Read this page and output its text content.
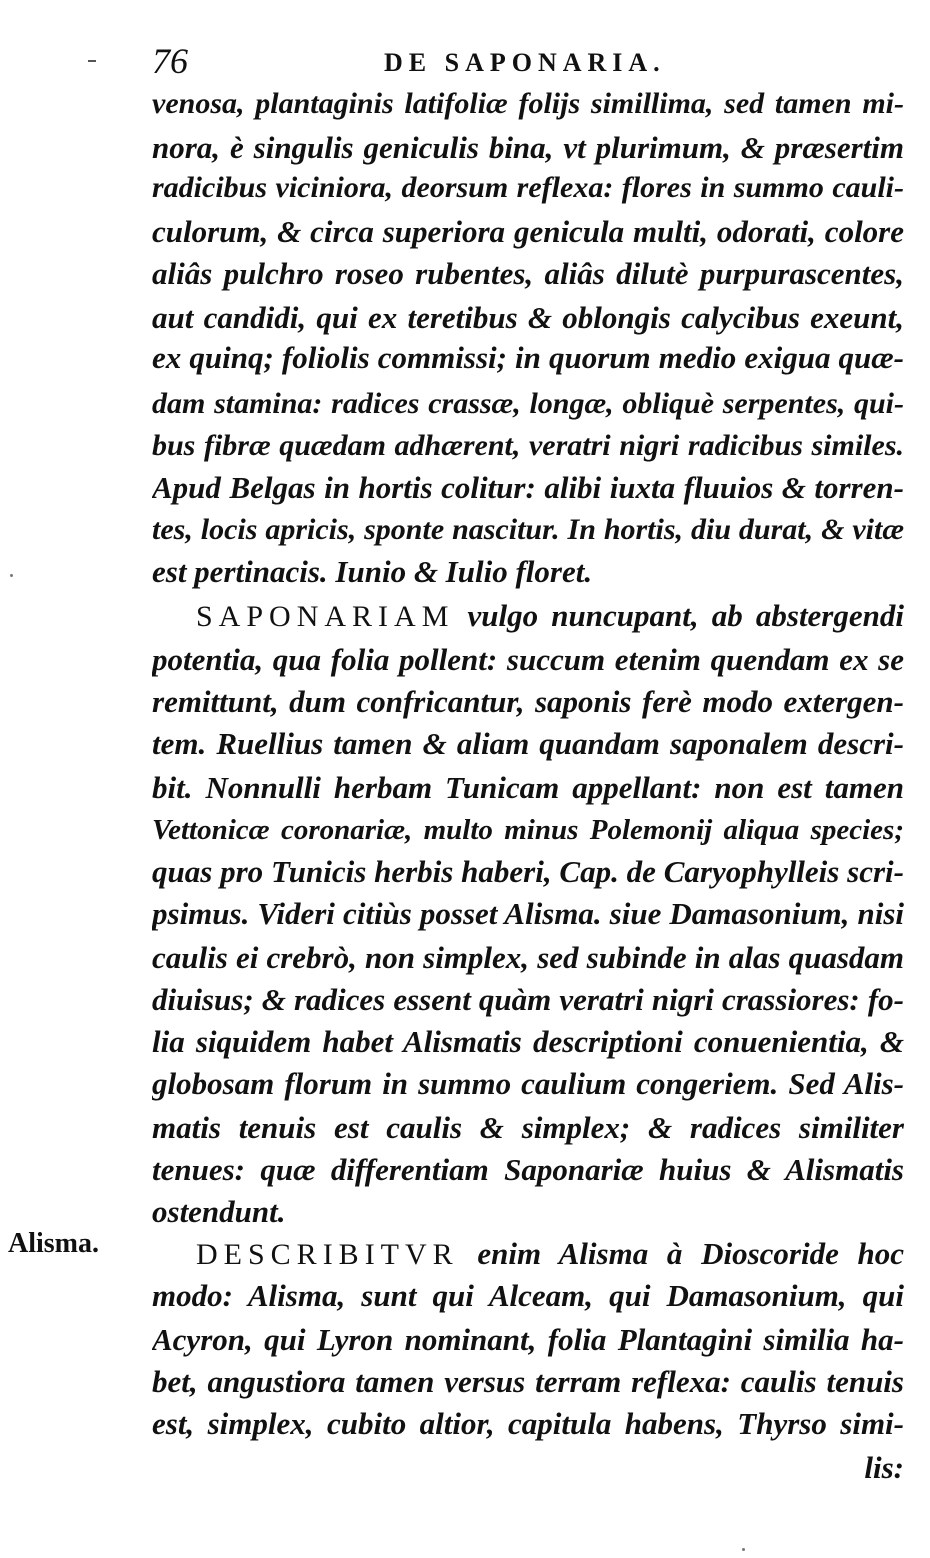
76	DE SAPONARIA.
Alisma.
venosa, plantaginis latifoliæ folijs simillima, sed tamen mi-
nora, è singulis geniculis bina, vt plurimum, & præsertim
radicibus viciniora, deorsum reflexa: flores in summo cauli-
culorum, & circa superiora genicula multi, odorati, colore
aliâs pulchro roseo rubentes, aliâs dilutè purpurascentes,
aut candidi, qui ex teretibus & oblongis calycibus exeunt,
ex quinq; foliolis commissi; in quorum medio exigua quæ-
dam stamina: radices crassæ, longæ, obliquè serpentes, qui-
bus fibræ quædam adhærent, veratri nigri radicibus similes.
Apud Belgas in hortis colitur: alibi iuxta fluuios & torren-
tes, locis apricis, sponte nascitur. In hortis, diu durat, & vitæ
est pertinacis. Iunio & Iulio floret.
SAPONARIAM vulgo nuncupant, ab abstergendi
potentia, qua folia pollent: succum etenim quendam ex se
remittunt, dum confricantur, saponis ferè modo extergen-
tem. Ruellius tamen & aliam quandam saponalem descri-
bit. Nonnulli herbam Tunicam appellant: non est tamen
Vettonicæ coronariæ, multo minus Polemonij aliqua species;
quas pro Tunicis herbis haberi, Cap. de Caryophylleis scri-
psimus. Videri citiùs posset Alisma. siue Damasonium, nisi
caulis ei crebrò, non simplex, sed subinde in alas quasdam
diuisus; & radices essent quàm veratri nigri crassiores: fo-
lia siquidem habet Alismatis descriptioni conuenientia, &
globosam florum in summo caulium congeriem. Sed Alis-
matis tenuis est caulis & simplex; & radices similiter
tenues: quæ differentiam Saponariæ huius & Alismatis
ostendunt.
DESCRIBITVR enim Alisma à Dioscoride hoc
modo: Alisma, sunt qui Alceam, qui Damasonium, qui
Acyron, qui Lyron nominant, folia Plantagini similia ha-
bet, angustiora tamen versus terram reflexa: caulis tenuis
est, simplex, cubito altior, capitula habens, Thyrso simi-
lis:
